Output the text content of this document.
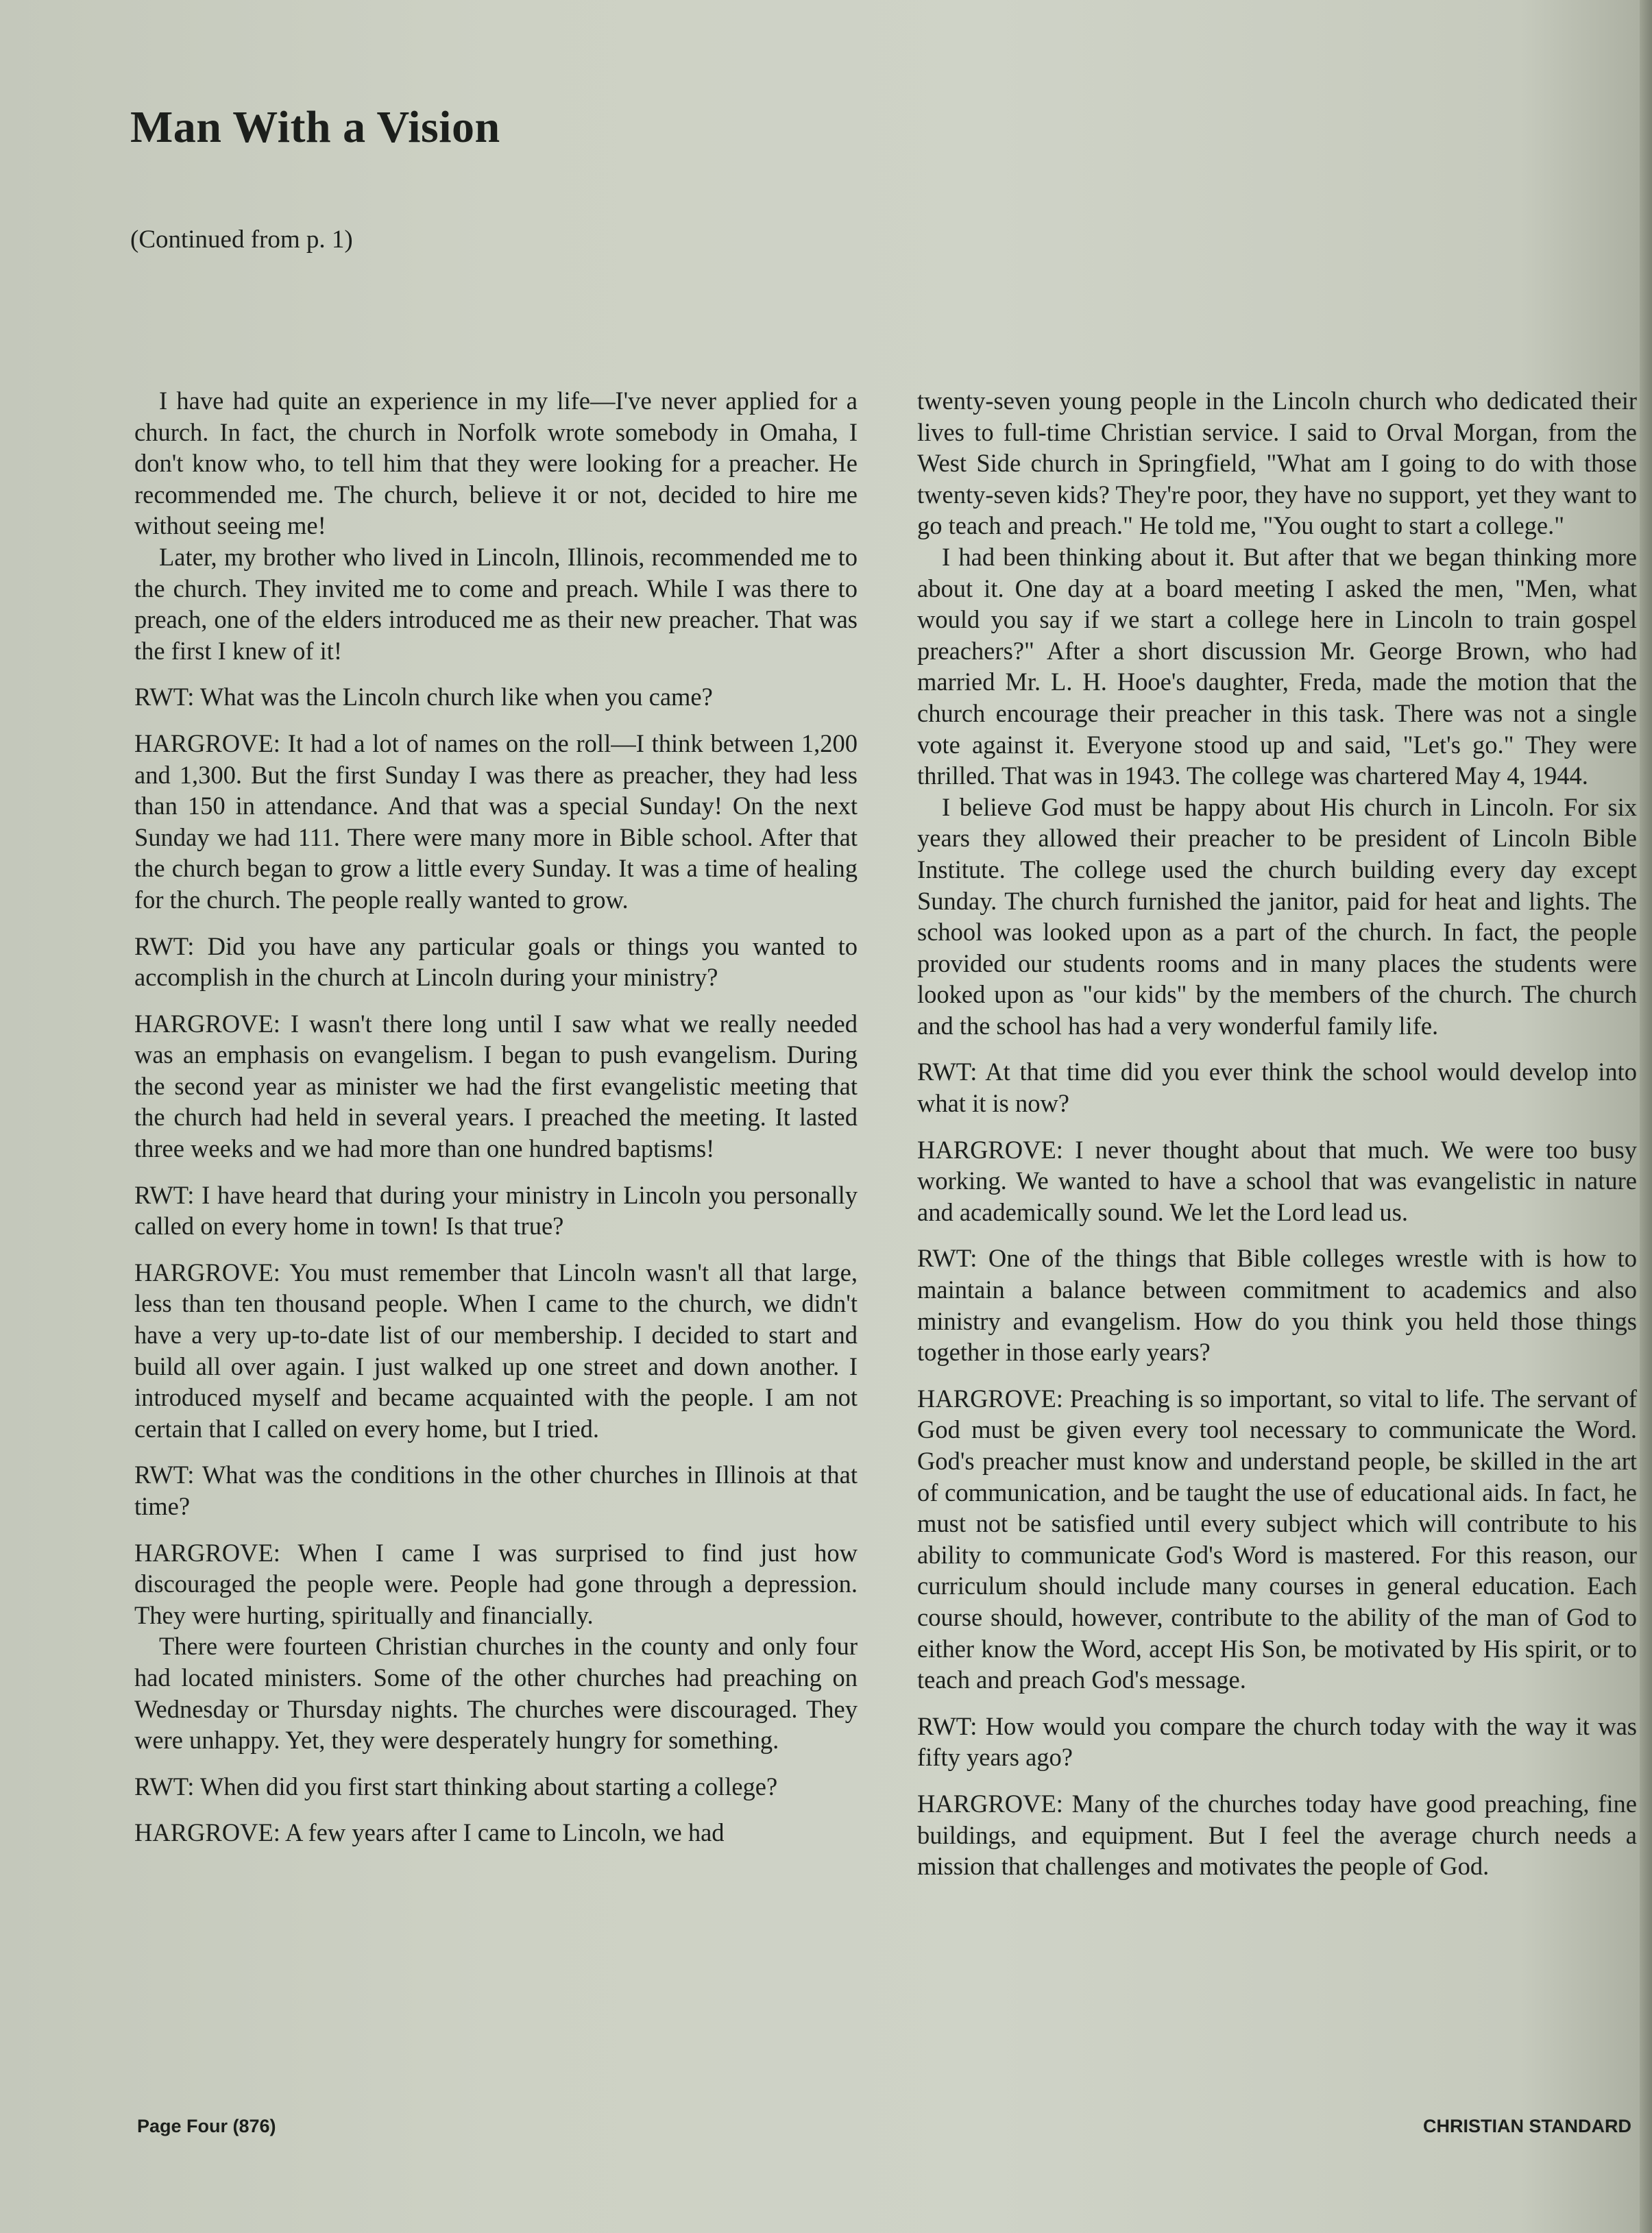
Man With a Vision
(Continued from p. 1)

I have had quite an experience in my life—I've never applied for a church. In fact, the church in Norfolk wrote somebody in Omaha, I don't know who, to tell him that they were looking for a preacher. He recommended me. The church, believe it or not, decided to hire me without seeing me!

Later, my brother who lived in Lincoln, Illinois, recommended me to the church. They invited me to come and preach. While I was there to preach, one of the elders introduced me as their new preacher. That was the first I knew of it!

RWT: What was the Lincoln church like when you came?

HARGROVE: It had a lot of names on the roll—I think between 1,200 and 1,300. But the first Sunday I was there as preacher, they had less than 150 in attendance. And that was a special Sunday! On the next Sunday we had 111. There were many more in Bible school. After that the church began to grow a little every Sunday. It was a time of healing for the church. The people really wanted to grow.

RWT: Did you have any particular goals or things you wanted to accomplish in the church at Lincoln during your ministry?

HARGROVE: I wasn't there long until I saw what we really needed was an emphasis on evangelism. I began to push evangelism. During the second year as minister we had the first evangelistic meeting that the church had held in several years. I preached the meeting. It lasted three weeks and we had more than one hundred baptisms!

RWT: I have heard that during your ministry in Lincoln you personally called on every home in town! Is that true?

HARGROVE: You must remember that Lincoln wasn't all that large, less than ten thousand people. When I came to the church, we didn't have a very up-to-date list of our membership. I decided to start and build all over again. I just walked up one street and down another. I introduced myself and became acquainted with the people. I am not certain that I called on every home, but I tried.

RWT: What was the conditions in the other churches in Illinois at that time?

HARGROVE: When I came I was surprised to find just how discouraged the people were. People had gone through a depression. They were hurting, spiritually and financially.

There were fourteen Christian churches in the county and only four had located ministers. Some of the other churches had preaching on Wednesday or Thursday nights. The churches were discouraged. They were unhappy. Yet, they were desperately hungry for something.

RWT: When did you first start thinking about starting a college?

HARGROVE: A few years after I came to Lincoln, we had

twenty-seven young people in the Lincoln church who dedicated their lives to full-time Christian service. I said to Orval Morgan, from the West Side church in Springfield, "What am I going to do with those twenty-seven kids? They're poor, they have no support, yet they want to go teach and preach." He told me, "You ought to start a college."

I had been thinking about it. But after that we began thinking more about it. One day at a board meeting I asked the men, "Men, what would you say if we start a college here in Lincoln to train gospel preachers?" After a short discussion Mr. George Brown, who had married Mr. L. H. Hooe's daughter, Freda, made the motion that the church encourage their preacher in this task. There was not a single vote against it. Everyone stood up and said, "Let's go." They were thrilled. That was in 1943. The college was chartered May 4, 1944.

I believe God must be happy about His church in Lincoln. For six years they allowed their preacher to be president of Lincoln Bible Institute. The college used the church building every day except Sunday. The church furnished the janitor, paid for heat and lights. The school was looked upon as a part of the church. In fact, the people provided our students rooms and in many places the students were looked upon as "our kids" by the members of the church. The church and the school has had a very wonderful family life.

RWT: At that time did you ever think the school would develop into what it is now?

HARGROVE: I never thought about that much. We were too busy working. We wanted to have a school that was evangelistic in nature and academically sound. We let the Lord lead us.

RWT: One of the things that Bible colleges wrestle with is how to maintain a balance between commitment to academics and also ministry and evangelism. How do you think you held those things together in those early years?

HARGROVE: Preaching is so important, so vital to life. The servant of God must be given every tool necessary to communicate the Word. God's preacher must know and understand people, be skilled in the art of communication, and be taught the use of educational aids. In fact, he must not be satisfied until every subject which will contribute to his ability to communicate God's Word is mastered. For this reason, our curriculum should include many courses in general education. Each course should, however, contribute to the ability of the man of God to either know the Word, accept His Son, be motivated by His spirit, or to teach and preach God's message.

RWT: How would you compare the church today with the way it was fifty years ago?

HARGROVE: Many of the churches today have good preaching, fine buildings, and equipment. But I feel the average church needs a mission that challenges and motivates the people of God.

Page Four (876)	CHRISTIAN STANDARD
